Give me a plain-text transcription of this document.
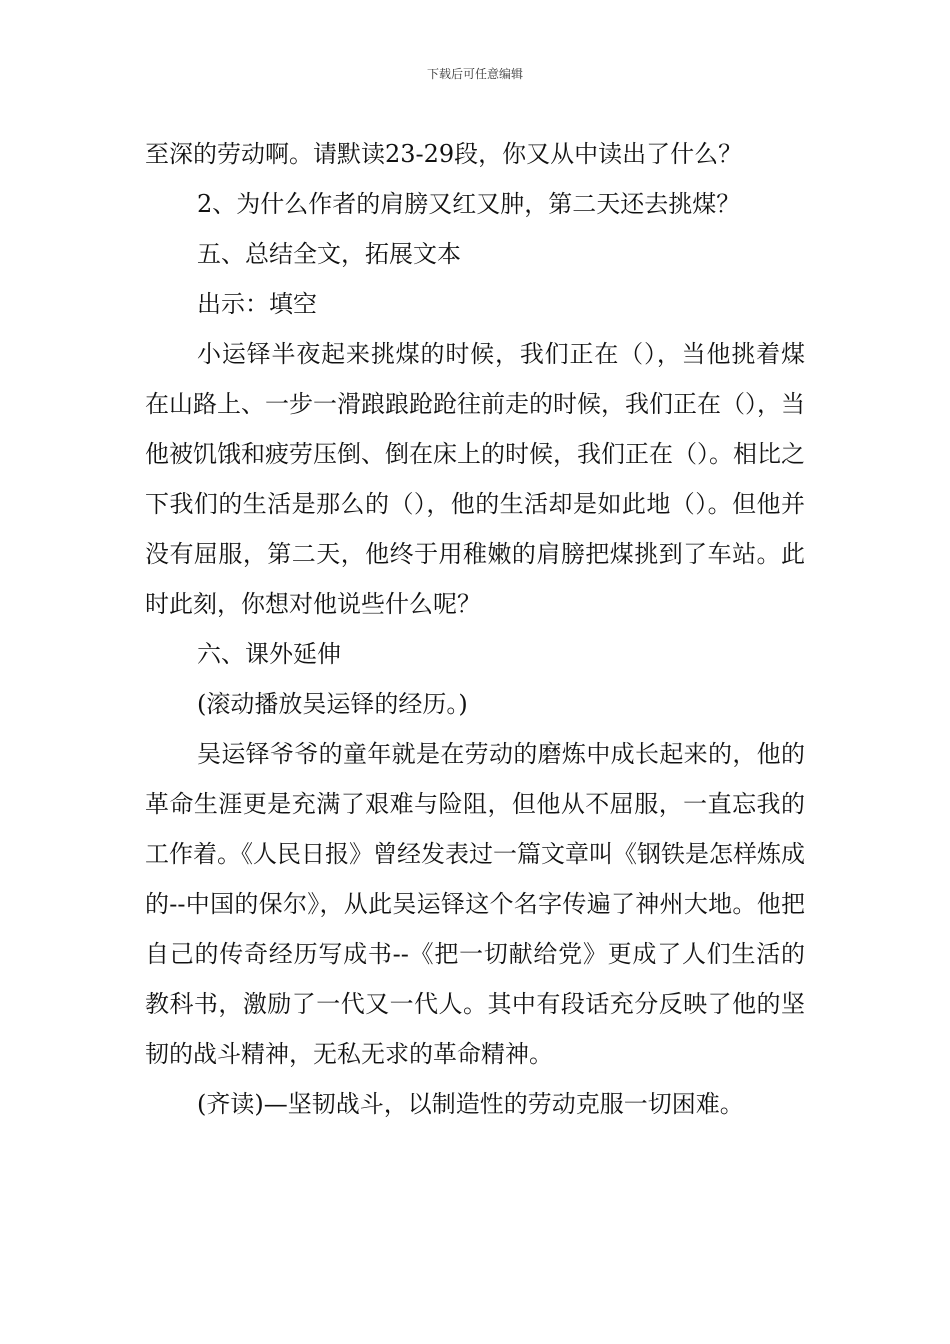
下载后可任意编辑

至深的劳动啊。请默读23-29段，你又从中读出了什么？

2、为什么作者的肩膀又红又肿，第二天还去挑煤？

五、总结全文，拓展文本

出示：填空

小运铎半夜起来挑煤的时候，我们正在（），当他挑着煤在山路上、一步一滑踉踉跄跄往前走的时候，我们正在（），当他被饥饿和疲劳压倒、倒在床上的时候，我们正在（）。相比之下我们的生活是那么的（），他的生活却是如此地（）。但他并没有屈服，第二天，他终于用稚嫩的肩膀把煤挑到了车站。此时此刻，你想对他说些什么呢？

六、课外延伸

(滚动播放吴运铎的经历。)

吴运铎爷爷的童年就是在劳动的磨炼中成长起来的，他的革命生涯更是充满了艰难与险阻，但他从不屈服，一直忘我的工作着。《人民日报》曾经发表过一篇文章叫《钢铁是怎样炼成的--中国的保尔》，从此吴运铎这个名字传遍了神州大地。他把自己的传奇经历写成书--《把一切献给党》更成了人们生活的教科书，激励了一代又一代人。其中有段话充分反映了他的坚韧的战斗精神，无私无求的革命精神。

(齐读)—坚韧战斗，以制造性的劳动克服一切困难。
